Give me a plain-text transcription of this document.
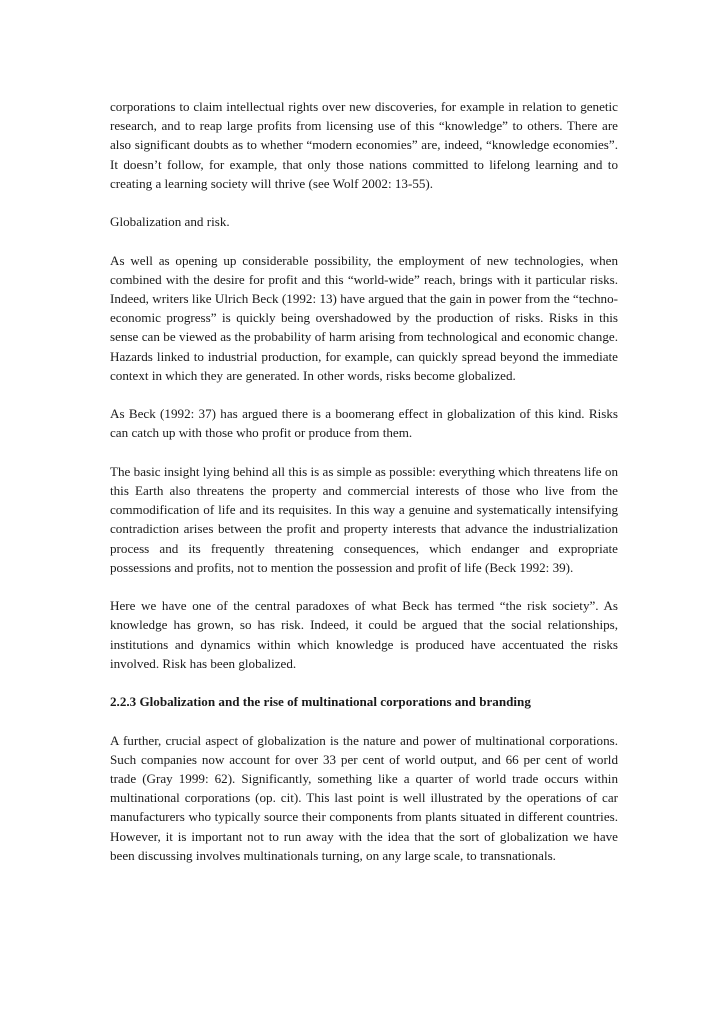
corporations to claim intellectual rights over new discoveries, for example in relation to genetic research, and to reap large profits from licensing use of this “knowledge” to others. There are also significant doubts as to whether “modern economies” are, indeed, “knowledge economies”. It doesn’t follow, for example, that only those nations committed to lifelong learning and to creating a learning society will thrive (see Wolf 2002: 13-55).

Globalization and risk.

As well as opening up considerable possibility, the employment of new technologies, when combined with the desire for profit and this “world-wide” reach, brings with it particular risks. Indeed, writers like Ulrich Beck (1992: 13) have argued that the gain in power from the “techno-economic progress” is quickly being overshadowed by the production of risks. Risks in this sense can be viewed as the probability of harm arising from technological and economic change. Hazards linked to industrial production, for example, can quickly spread beyond the immediate context in which they are generated. In other words, risks become globalized.

As Beck (1992: 37) has argued there is a boomerang effect in globalization of this kind. Risks can catch up with those who profit or produce from them.

The basic insight lying behind all this is as simple as possible: everything which threatens life on this Earth also threatens the property and commercial interests of those who live from the commodification of life and its requisites. In this way a genuine and systematically intensifying contradiction arises between the profit and property interests that advance the industrialization process and its frequently threatening consequences, which endanger and expropriate possessions and profits, not to mention the possession and profit of life (Beck 1992: 39).

Here we have one of the central paradoxes of what Beck has termed “the risk society”. As knowledge has grown, so has risk. Indeed, it could be argued that the social relationships, institutions and dynamics within which knowledge is produced have accentuated the risks involved. Risk has been globalized.

2.2.3 Globalization and the rise of multinational corporations and branding

A further, crucial aspect of globalization is the nature and power of multinational corporations. Such companies now account for over 33 per cent of world output, and 66 per cent of world trade (Gray 1999: 62). Significantly, something like a quarter of world trade occurs within multinational corporations (op. cit). This last point is well illustrated by the operations of car manufacturers who typically source their components from plants situated in different countries. However, it is important not to run away with the idea that the sort of globalization we have been discussing involves multinationals turning, on any large scale, to transnationals.
